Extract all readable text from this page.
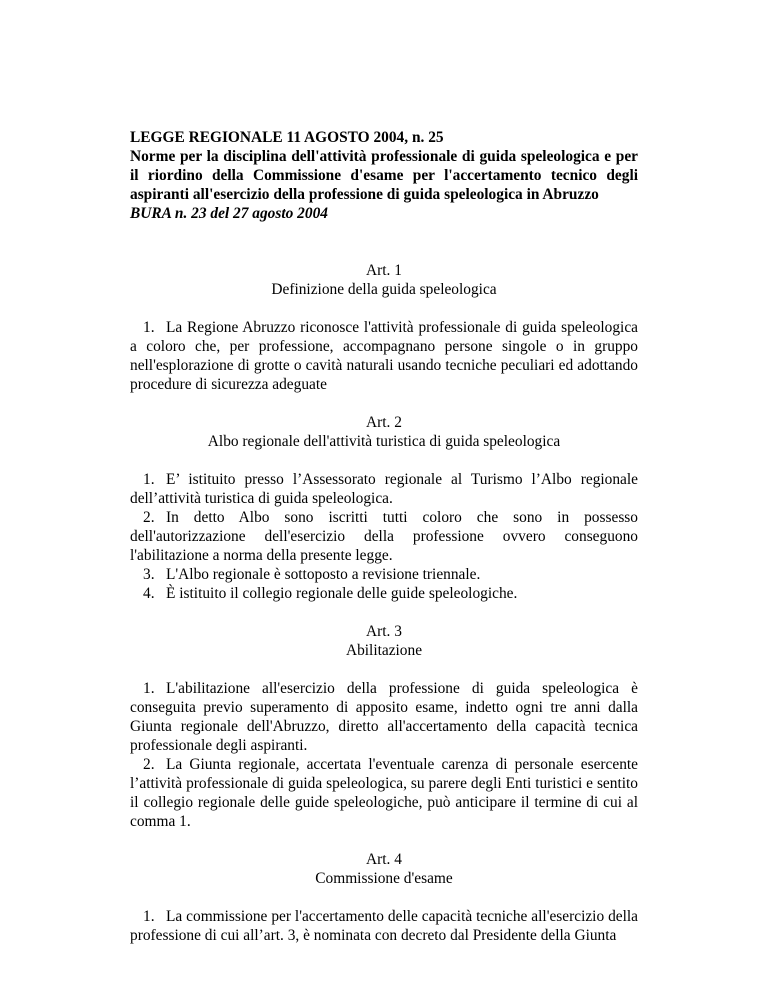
LEGGE REGIONALE 11 AGOSTO 2004, n. 25

Norme per la disciplina dell'attività professionale di guida speleologica e per il riordino della Commissione d'esame per l'accertamento tecnico degli aspiranti all'esercizio della professione di guida speleologica in Abruzzo

BURA n. 23 del 27 agosto 2004

Art. 1
Definizione della guida speleologica

1. La Regione Abruzzo riconosce l'attività professionale di guida speleologica a coloro che, per professione, accompagnano persone singole o in gruppo nell'esplorazione di grotte o cavità naturali usando tecniche peculiari ed adottando procedure di sicurezza adeguate

Art. 2
Albo regionale dell'attività turistica di guida speleologica

1. E’ istituito presso l’Assessorato regionale al Turismo l’Albo regionale dell’attività turistica di guida speleologica.

2. In detto Albo sono iscritti tutti coloro che sono in possesso dell'autorizzazione dell'esercizio della professione ovvero conseguono l'abilitazione a norma della presente legge.

3. L'Albo regionale è sottoposto a revisione triennale.

4. È istituito il collegio regionale delle guide speleologiche.

Art. 3
Abilitazione

1. L'abilitazione all'esercizio della professione di guida speleologica è conseguita previo superamento di apposito esame, indetto ogni tre anni dalla Giunta regionale dell'Abruzzo, diretto all'accertamento della capacità tecnica professionale degli aspiranti.

2. La Giunta regionale, accertata l'eventuale carenza di personale esercente l’attività professionale di guida speleologica, su parere degli Enti turistici e sentito il collegio regionale delle guide speleologiche, può anticipare il termine di cui al comma 1.

Art. 4
Commissione d'esame

1. La commissione per l'accertamento delle capacità tecniche all'esercizio della professione di cui all’art. 3, è nominata con decreto dal Presidente della Giunta
